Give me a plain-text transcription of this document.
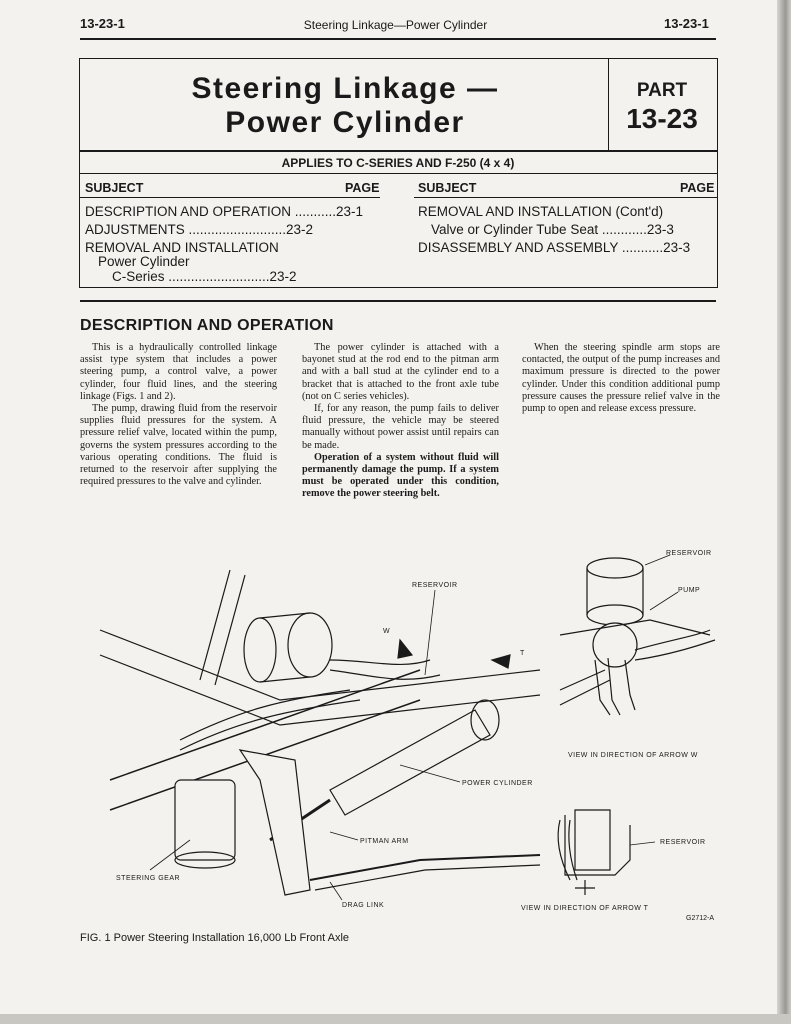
13-23-1	Steering Linkage—Power Cylinder	13-23-1
Steering Linkage —
Power Cylinder
PART
13-23
APPLIES TO C-SERIES AND F-250 (4 x 4)
SUBJECT	PAGE	SUBJECT	PAGE
DESCRIPTION AND OPERATION ...........23-1
ADJUSTMENTS ..........................23-2
REMOVAL AND INSTALLATION
Power Cylinder
C-Series ...........................23-2
REMOVAL AND INSTALLATION (Cont'd)
Valve or Cylinder Tube Seat ............23-3
DISASSEMBLY AND ASSEMBLY ...........23-3
DESCRIPTION AND OPERATION

This is a hydraulically controlled linkage assist type system that includes a power steering pump, a control valve, a power cylinder, four fluid lines, and the steering linkage (Figs. 1 and 2).

The pump, drawing fluid from the reservoir supplies fluid pressures for the system. A pressure relief valve, located within the pump, governs the system pressures according to the various operating conditions. The fluid is returned to the reservoir after supplying the required pressures to the valve and cylinder.

The power cylinder is attached with a bayonet stud at the rod end to the pitman arm and with a ball stud at the cylinder end to a bracket that is attached to the front axle tube (not on C series vehicles).

If, for any reason, the pump fails to deliver fluid pressure, the vehicle may be steered manually without power assist until repairs can be made.

Operation of a system without fluid will permanently damage the pump. If a system must be operated under this condition, remove the power steering belt.

When the steering spindle arm stops are contacted, the output of the pump increases and maximum pressure is directed to the power cylinder. Under this condition additional pump pressure causes the pressure relief valve in the pump to open and release excess pressure.

RESERVOIR
W
T
POWER CYLINDER
PITMAN ARM
STEERING GEAR
DRAG LINK
RESERVOIR
PUMP
VIEW IN DIRECTION OF ARROW W
RESERVOIR
VIEW IN DIRECTION OF ARROW T
G2712-A
FIG. 1 Power Steering Installation 16,000 Lb Front Axle
